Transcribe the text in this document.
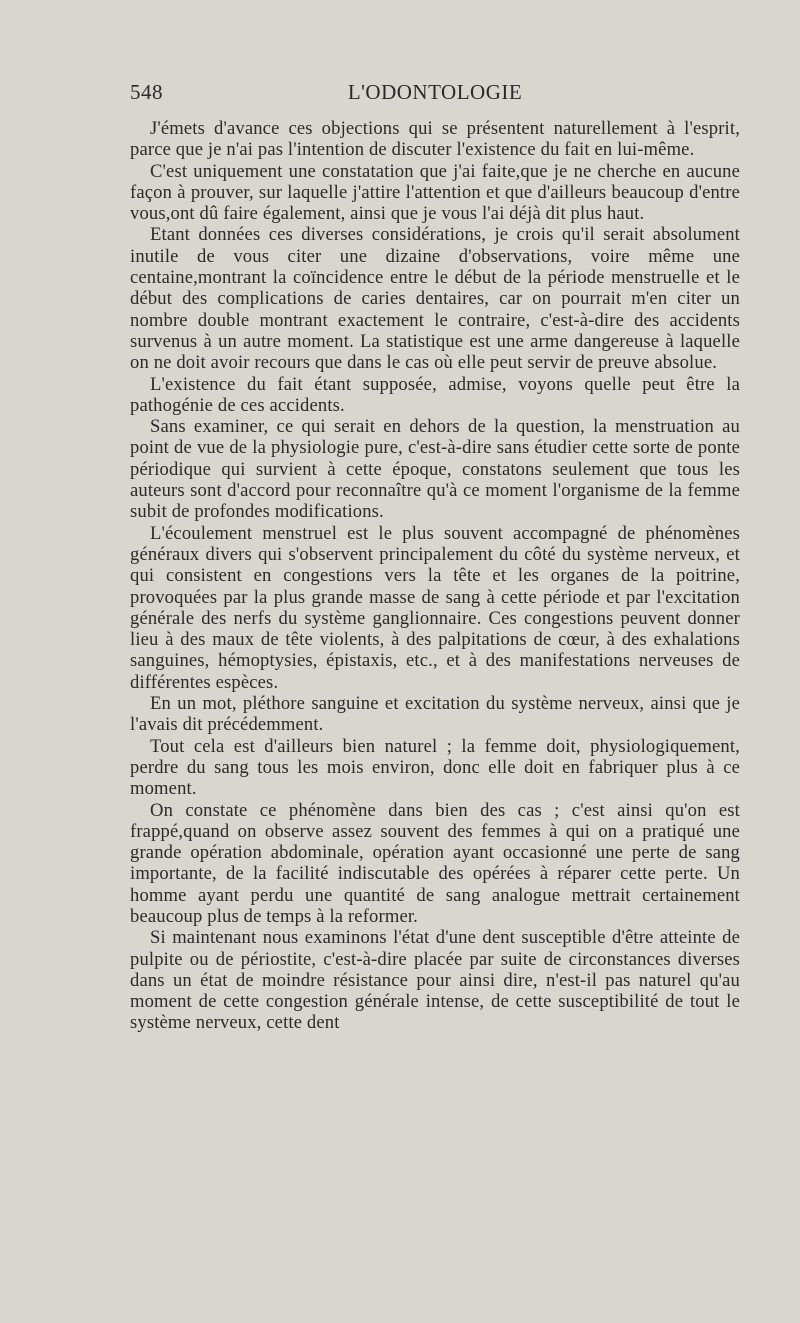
548	L'ODONTOLOGIE

J'émets d'avance ces objections qui se présentent naturellement à l'esprit, parce que je n'ai pas l'intention de discuter l'existence du fait en lui-même.

C'est uniquement une constatation que j'ai faite,que je ne cherche en aucune façon à prouver, sur laquelle j'attire l'attention et que d'ailleurs beaucoup d'entre vous,ont dû faire également, ainsi que je vous l'ai déjà dit plus haut.

Etant données ces diverses considérations, je crois qu'il serait absolument inutile de vous citer une dizaine d'observations, voire même une centaine,montrant la coïncidence entre le début de la période menstruelle et le début des complications de caries dentaires, car on pourrait m'en citer un nombre double montrant exactement le contraire, c'est-à-dire des accidents survenus à un autre moment. La statistique est une arme dangereuse à laquelle on ne doit avoir recours que dans le cas où elle peut servir de preuve absolue.

L'existence du fait étant supposée, admise, voyons quelle peut être la pathogénie de ces accidents.

Sans examiner, ce qui serait en dehors de la question, la menstruation au point de vue de la physiologie pure, c'est-à-dire sans étudier cette sorte de ponte périodique qui survient à cette époque, constatons seulement que tous les auteurs sont d'accord pour reconnaître qu'à ce moment l'organisme de la femme subit de profondes modifications.

L'écoulement menstruel est le plus souvent accompagné de phénomènes généraux divers qui s'observent principalement du côté du système nerveux, et qui consistent en congestions vers la tête et les organes de la poitrine, provoquées par la plus grande masse de sang à cette période et par l'excitation générale des nerfs du système ganglionnaire. Ces congestions peuvent donner lieu à des maux de tête violents, à des palpitations de cœur, à des exhalations sanguines, hémoptysies, épistaxis, etc., et à des manifestations nerveuses de différentes espèces.

En un mot, pléthore sanguine et excitation du système nerveux, ainsi que je l'avais dit précédemment.

Tout cela est d'ailleurs bien naturel ; la femme doit, physiologiquement, perdre du sang tous les mois environ, donc elle doit en fabriquer plus à ce moment.

On constate ce phénomène dans bien des cas ; c'est ainsi qu'on est frappé,quand on observe assez souvent des femmes à qui on a pratiqué une grande opération abdominale, opération ayant occasionné une perte de sang importante, de la facilité indiscutable des opérées à réparer cette perte. Un homme ayant perdu une quantité de sang analogue mettrait certainement beaucoup plus de temps à la reformer.

Si maintenant nous examinons l'état d'une dent susceptible d'être atteinte de pulpite ou de périostite, c'est-à-dire placée par suite de circonstances diverses dans un état de moindre résistance pour ainsi dire, n'est-il pas naturel qu'au moment de cette congestion générale intense, de cette susceptibilité de tout le système nerveux, cette dent
